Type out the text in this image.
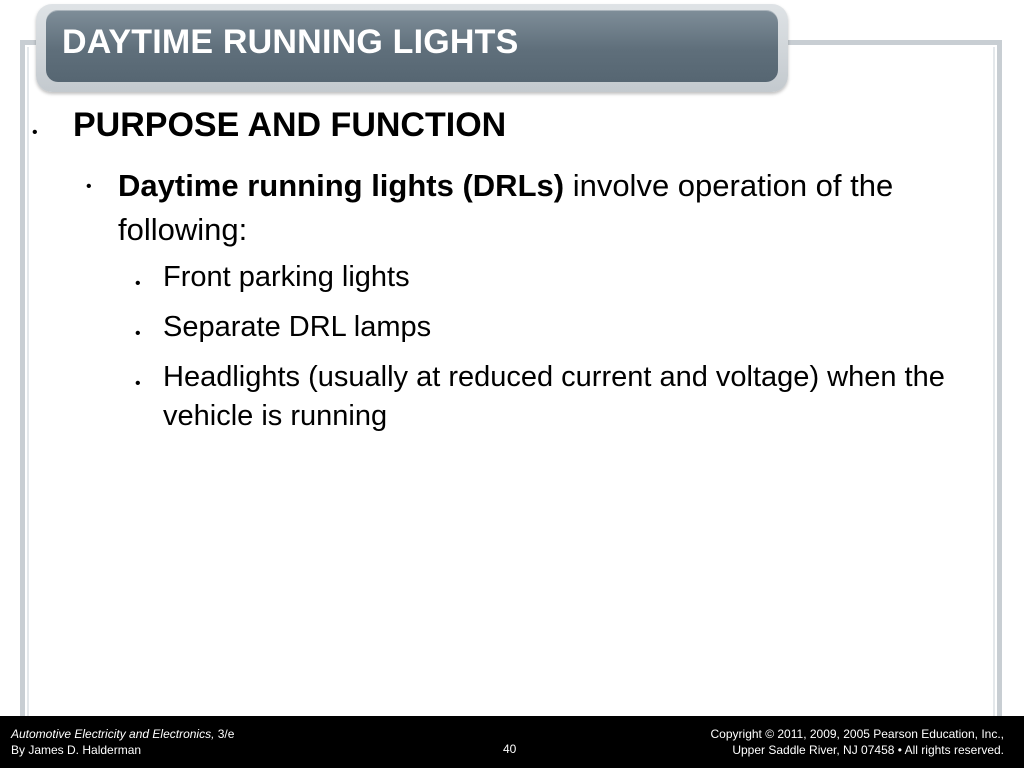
DAYTIME RUNNING LIGHTS
• PURPOSE AND FUNCTION
• Daytime running lights (DRLs) involve operation of the following:
• Front parking lights
• Separate DRL lamps
• Headlights (usually at reduced current and voltage) when the vehicle is running
Automotive Electricity and Electronics, 3/e
By James D. Halderman	40
Copyright © 2011, 2009, 2005 Pearson Education, Inc.,
Upper Saddle River, NJ 07458 • All rights reserved.
